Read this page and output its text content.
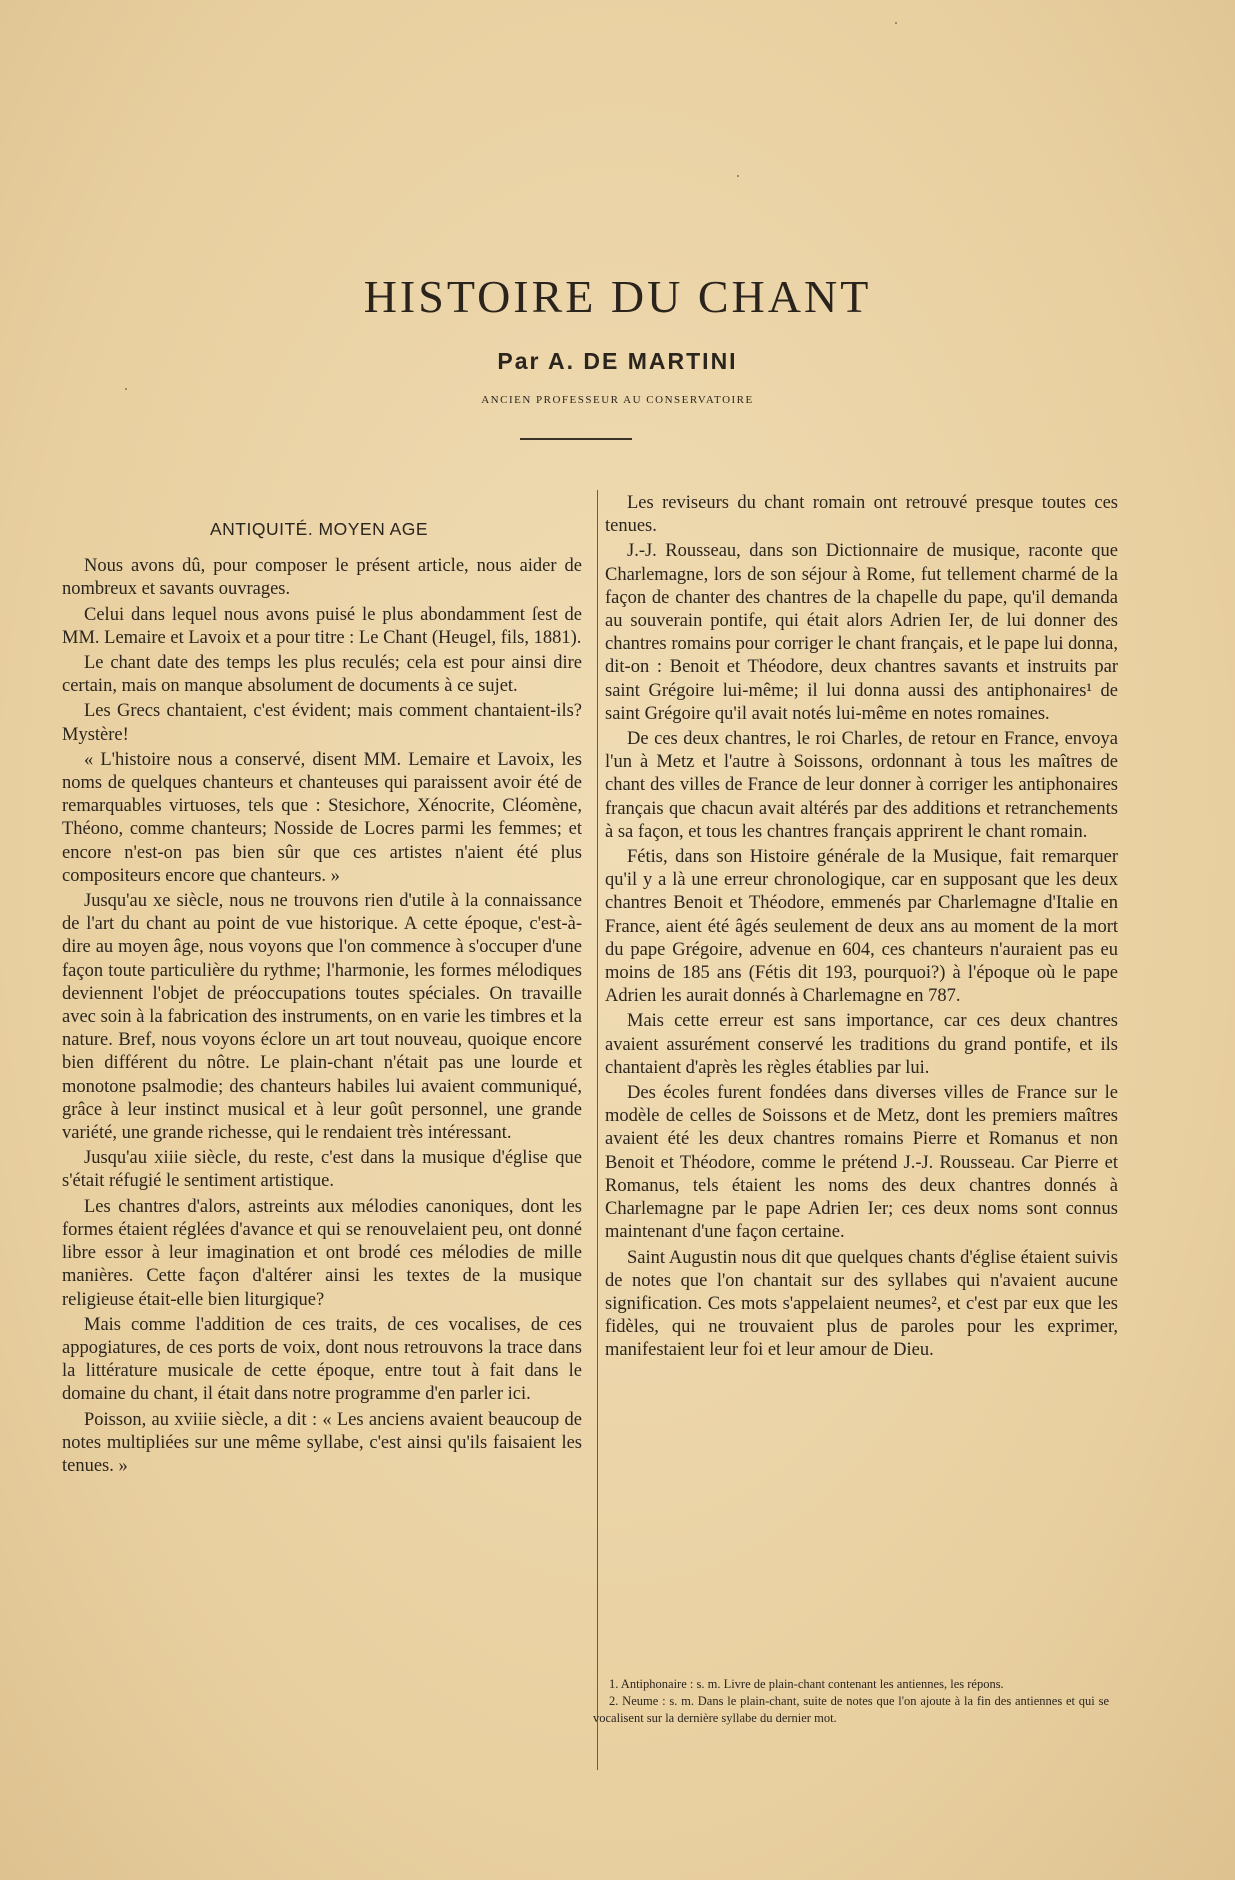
HISTOIRE DU CHANT
Par A. DE MARTINI
ANCIEN PROFESSEUR AU CONSERVATOIRE
ANTIQUITÉ. MOYEN AGE

Nous avons dû, pour composer le présent article, nous aider de nombreux et savants ouvrages.

Celui dans lequel nous avons puisé le plus abondamment ſest de MM. Lemaire et Lavoix et a pour titre : Le Chant (Heugel, fils, 1881).

Le chant date des temps les plus reculés; cela est pour ainsi dire certain, mais on manque absolument de documents à ce sujet.

Les Grecs chantaient, c'est évident; mais comment chantaient-ils? Mystère!

« L'histoire nous a conservé, disent MM. Lemaire et Lavoix, les noms de quelques chanteurs et chanteuses qui paraissent avoir été de remarquables virtuoses, tels que : Stesichore, Xénocrite, Cléomène, Théono, comme chanteurs; Nosside de Locres parmi les femmes; et encore n'est-on pas bien sûr que ces artistes n'aient été plus compositeurs encore que chanteurs. »

Jusqu'au xe siècle, nous ne trouvons rien d'utile à la connaissance de l'art du chant au point de vue historique. A cette époque, c'est-à-dire au moyen âge, nous voyons que l'on commence à s'occuper d'une façon toute particulière du rythme; l'harmonie, les formes mélodiques deviennent l'objet de préoccupations toutes spéciales. On travaille avec soin à la fabrication des instruments, on en varie les timbres et la nature. Bref, nous voyons éclore un art tout nouveau, quoique encore bien différent du nôtre. Le plain-chant n'était pas une lourde et monotone psalmodie; des chanteurs habiles lui avaient communiqué, grâce à leur instinct musical et à leur goût personnel, une grande variété, une grande richesse, qui le rendaient très intéressant.

Jusqu'au xiiie siècle, du reste, c'est dans la musique d'église que s'était réfugié le sentiment artistique.

Les chantres d'alors, astreints aux mélodies canoniques, dont les formes étaient réglées d'avance et qui se renouvelaient peu, ont donné libre essor à leur imagination et ont brodé ces mélodies de mille manières. Cette façon d'altérer ainsi les textes de la musique religieuse était-elle bien liturgique?

Mais comme l'addition de ces traits, de ces vocalises, de ces appogiatures, de ces ports de voix, dont nous retrouvons la trace dans la littérature musicale de cette époque, entre tout à fait dans le domaine du chant, il était dans notre programme d'en parler ici.

Poisson, au xviiie siècle, a dit : « Les anciens avaient beaucoup de notes multipliées sur une même syllabe, c'est ainsi qu'ils faisaient les tenues. »

Les reviseurs du chant romain ont retrouvé presque toutes ces tenues.

J.-J. Rousseau, dans son Dictionnaire de musique, raconte que Charlemagne, lors de son séjour à Rome, fut tellement charmé de la façon de chanter des chantres de la chapelle du pape, qu'il demanda au souverain pontife, qui était alors Adrien Ier, de lui donner des chantres romains pour corriger le chant français, et le pape lui donna, dit-on : Benoit et Théodore, deux chantres savants et instruits par saint Grégoire lui-même; il lui donna aussi des antiphonaires¹ de saint Grégoire qu'il avait notés lui-même en notes romaines.

De ces deux chantres, le roi Charles, de retour en France, envoya l'un à Metz et l'autre à Soissons, ordonnant à tous les maîtres de chant des villes de France de leur donner à corriger les antiphonaires français que chacun avait altérés par des additions et retranchements à sa façon, et tous les chantres français apprirent le chant romain.

Fétis, dans son Histoire générale de la Musique, fait remarquer qu'il y a là une erreur chronologique, car en supposant que les deux chantres Benoit et Théodore, emmenés par Charlemagne d'Italie en France, aient été âgés seulement de deux ans au moment de la mort du pape Grégoire, advenue en 604, ces chanteurs n'auraient pas eu moins de 185 ans (Fétis dit 193, pourquoi?) à l'époque où le pape Adrien les aurait donnés à Charlemagne en 787.

Mais cette erreur est sans importance, car ces deux chantres avaient assurément conservé les traditions du grand pontife, et ils chantaient d'après les règles établies par lui.

Des écoles furent fondées dans diverses villes de France sur le modèle de celles de Soissons et de Metz, dont les premiers maîtres avaient été les deux chantres romains Pierre et Romanus et non Benoit et Théodore, comme le prétend J.-J. Rousseau. Car Pierre et Romanus, tels étaient les noms des deux chantres donnés à Charlemagne par le pape Adrien Ier; ces deux noms sont connus maintenant d'une façon certaine.

Saint Augustin nous dit que quelques chants d'église étaient suivis de notes que l'on chantait sur des syllabes qui n'avaient aucune signification. Ces mots s'appelaient neumes², et c'est par eux que les fidèles, qui ne trouvaient plus de paroles pour les exprimer, manifestaient leur foi et leur amour de Dieu.

1. Antiphonaire : s. m. Livre de plain-chant contenant les antiennes, les répons.

2. Neume : s. m. Dans le plain-chant, suite de notes que l'on ajoute à la fin des antiennes et qui se vocalisent sur la dernière syllabe du dernier mot.
